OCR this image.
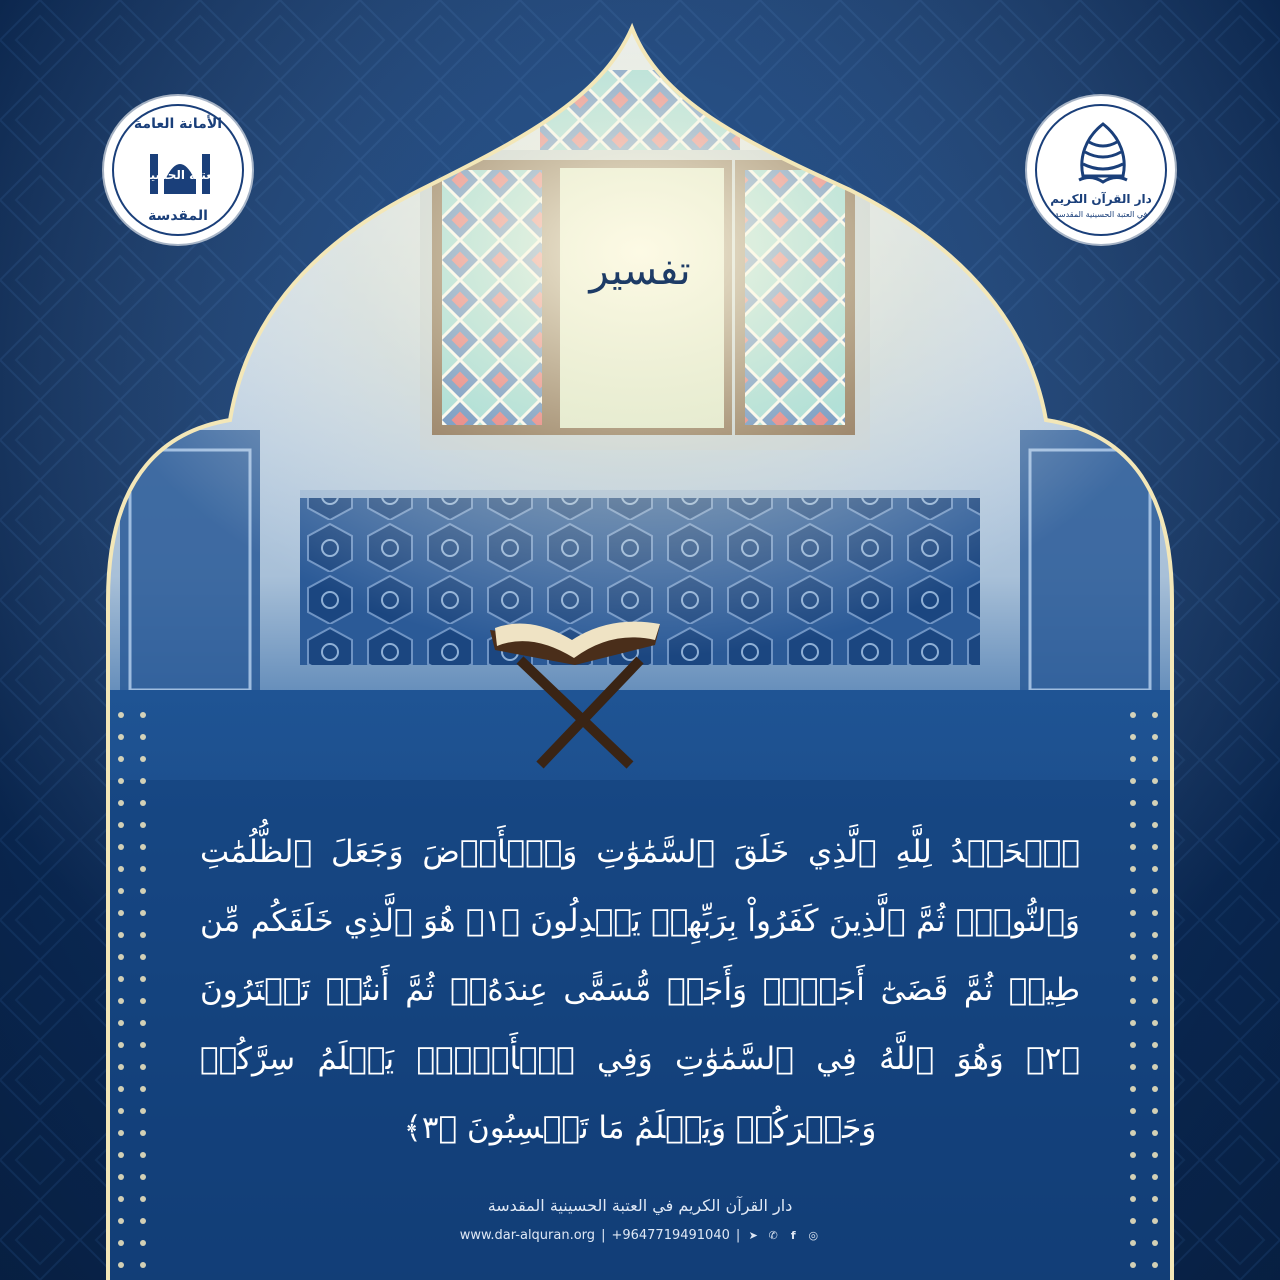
الأمانة العامة
المقدسة
للعتبة الحسينية
دار القرآن الكريم
في العتبة الحسينية المقدسة
تفسير
ٱلۡحَمۡدُ لِلَّهِ ٱلَّذِي خَلَقَ ٱلسَّمَٰوَٰتِ وَٱلۡأَرۡضَ وَجَعَلَ ٱلظُّلُمَٰتِ وَٱلنُّورَۖ ثُمَّ ٱلَّذِينَ كَفَرُواْ بِرَبِّهِمۡ يَعۡدِلُونَ ﴿١﴾ هُوَ ٱلَّذِي خَلَقَكُم مِّن طِينٖ ثُمَّ قَضَىٰٓ أَجَلٗاۖ وَأَجَلٞ مُّسَمًّى عِندَهُۥۖ ثُمَّ أَنتُمۡ تَمۡتَرُونَ ﴿٢﴾ وَهُوَ ٱللَّهُ فِي ٱلسَّمَٰوَٰتِ وَفِي ٱلۡأَرۡضِۖ يَعۡلَمُ سِرَّكُمۡ وَجَهۡرَكُمۡ وَيَعۡلَمُ مَا تَكۡسِبُونَ ﴿٣﴾
دار القرآن الكريم في العتبة الحسينية المقدسة
www.dar-alquran.org | +9647719491040 | ➤ ✆	f	◎
